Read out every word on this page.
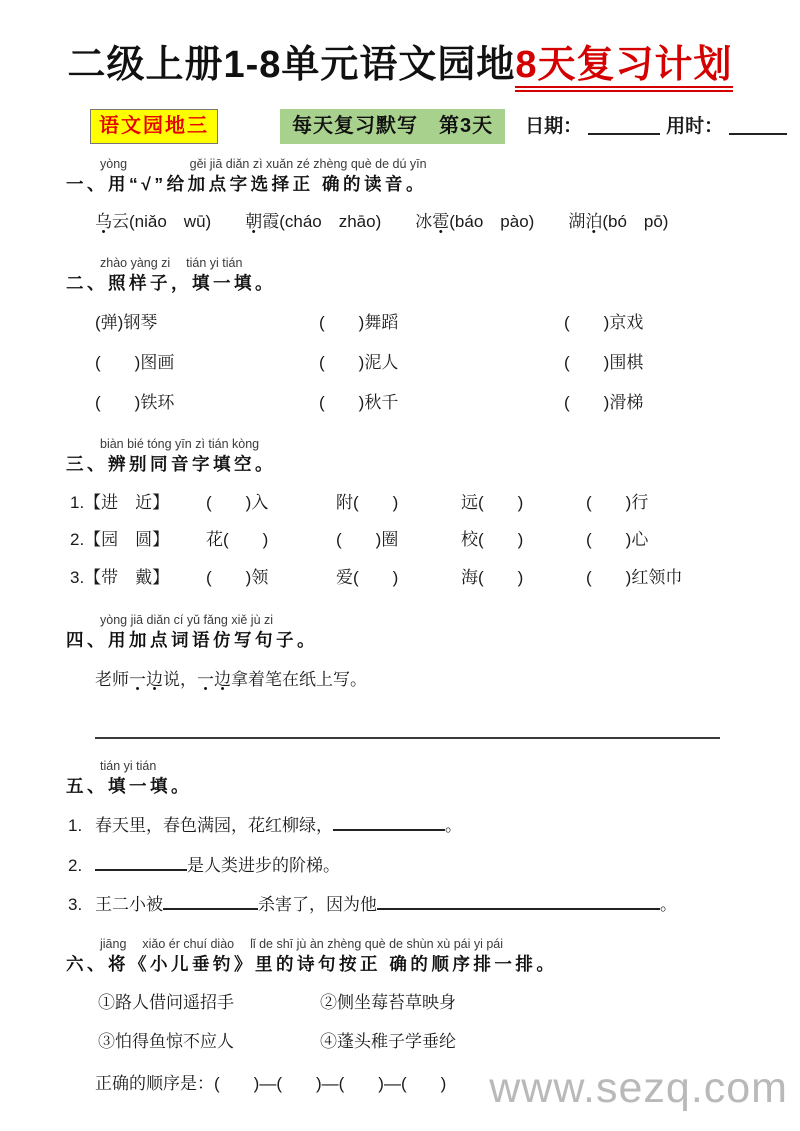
二级上册1-8单元语文园地8天复习计划
语文园地三	每天复习默写　第3天	日期：	用时：
yòng                  gěi jiā diǎn zì xuǎn zé zhèng què de dú yīn
一、用“√”给加点字选择正 确的读音。
乌云(niǎo　wū)　　朝霞(cháo　zhāo)　　冰雹(báo　pào)　　湖泊(bó　pō)
zhào yàng zi　 tián yi tián
二、照样子，填一填。
(弹)钢琴	(　　)舞蹈	(　　)京戏
(　　)图画	(　　)泥人	(　　)围棋
(　　)铁环	(　　)秋千	(　　)滑梯
biàn bié tóng yīn zì tián kòng
三、辨别同音字填空。
1.【进　近】	(　　)入	附(　　)	远(　　)	(　　)行
2.【园　圆】	花(　　)	(　　)圈	校(　　)	(　　)心
3.【带　戴】	(　　)领	爱(　　)	海(　　)	(　　)红领巾
yòng jiā diǎn cí yǔ fǎng xiě jù zi
四、用加点词语仿写句子。
老师一边说，一边拿着笔在纸上写。
tián yi tián
五、填一填。
1. 春天里，春色满园，花红柳绿，	。
2.	是人类进步的阶梯。
3. 王二小被	杀害了，因为他	。
jiāng　 xiǎo ér chuí diào　 lǐ de shī jù àn zhèng què de shùn xù pái yi pái
六、将《小儿垂钓》里的诗句按正 确的顺序排一排。
①路人借问遥招手	②侧坐莓苔草映身
③怕得鱼惊不应人	④蓬头稚子学垂纶
正确的顺序是：(　　)—(　　)—(　　)—(　　) www.sezq.com
